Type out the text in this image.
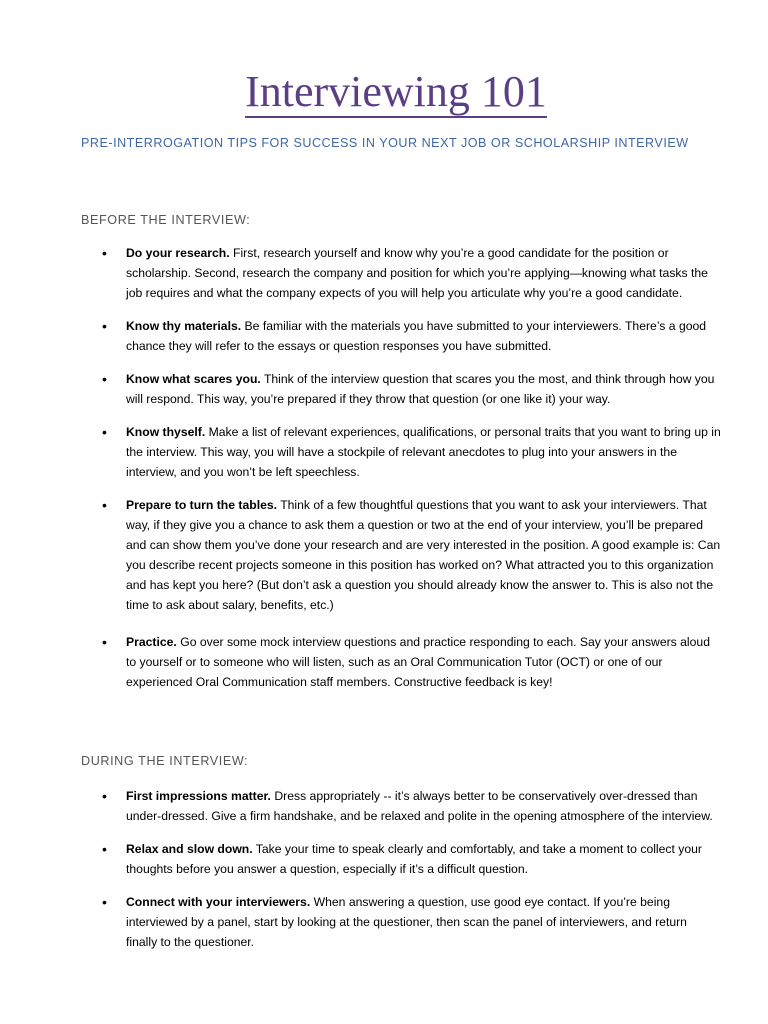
Interviewing 101
PRE-INTERROGATION TIPS FOR SUCCESS IN YOUR NEXT JOB OR SCHOLARSHIP INTERVIEW
BEFORE THE INTERVIEW:
• Do your research. First, research yourself and know why you’re a good candidate for the position or scholarship. Second, research the company and position for which you’re applying—knowing what tasks the job requires and what the company expects of you will help you articulate why you’re a good candidate.
• Know thy materials. Be familiar with the materials you have submitted to your interviewers. There’s a good chance they will refer to the essays or question responses you have submitted.
• Know what scares you. Think of the interview question that scares you the most, and think through how you will respond. This way, you’re prepared if they throw that question (or one like it) your way.
• Know thyself. Make a list of relevant experiences, qualifications, or personal traits that you want to bring up in the interview. This way, you will have a stockpile of relevant anecdotes to plug into your answers in the interview, and you won’t be left speechless.
• Prepare to turn the tables. Think of a few thoughtful questions that you want to ask your interviewers. That way, if they give you a chance to ask them a question or two at the end of your interview, you’ll be prepared and can show them you’ve done your research and are very interested in the position. A good example is: Can you describe recent projects someone in this position has worked on? What attracted you to this organization and has kept you here? (But don’t ask a question you should already know the answer to. This is also not the time to ask about salary, benefits, etc.)
• Practice. Go over some mock interview questions and practice responding to each. Say your answers aloud to yourself or to someone who will listen, such as an Oral Communication Tutor (OCT) or one of our experienced Oral Communication staff members. Constructive feedback is key!
DURING THE INTERVIEW:
• First impressions matter. Dress appropriately -- it’s always better to be conservatively over-dressed than under-dressed. Give a firm handshake, and be relaxed and polite in the opening atmosphere of the interview.
• Relax and slow down. Take your time to speak clearly and comfortably, and take a moment to collect your thoughts before you answer a question, especially if it’s a difficult question.
• Connect with your interviewers. When answering a question, use good eye contact. If you’re being interviewed by a panel, start by looking at the questioner, then scan the panel of interviewers, and return finally to the questioner.
